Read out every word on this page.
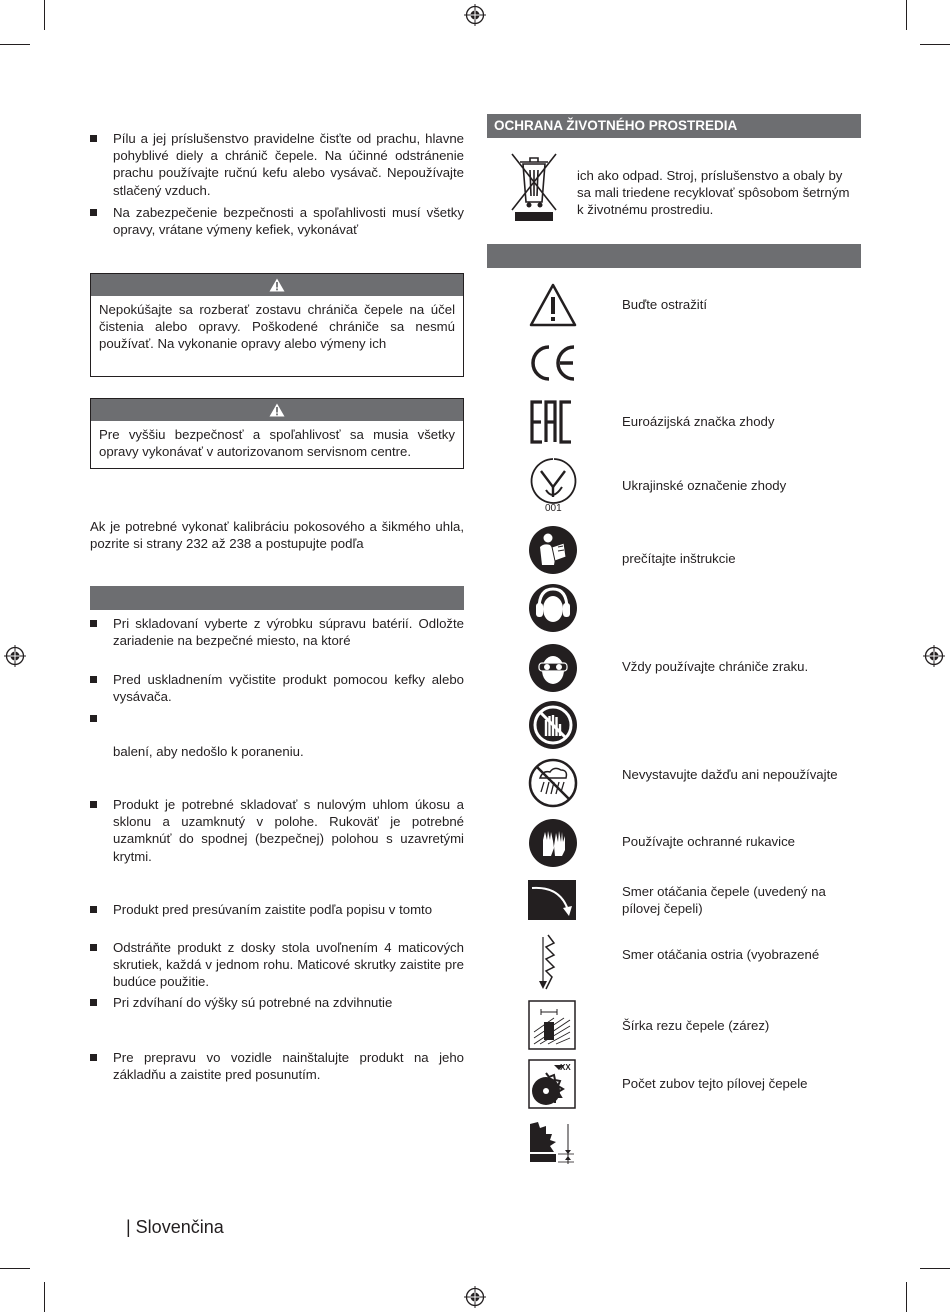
Pílu a jej príslušenstvo pravidelne čisťte od prachu, hlavne pohyblivé diely a chránič čepele. Na účinné odstránenie prachu používajte ručnú kefu alebo vysávač. Nepoužívajte stlačený vzduch.
Na zabezpečenie bezpečnosti a spoľahlivosti musí všetky opravy, vrátane výmeny kefiek, vykonávať
Nepokúšajte sa rozberať zostavu chrániča čepele na účel čistenia alebo opravy. Poškodené chrániče sa nesmú používať. Na vykonanie opravy alebo výmeny ich
Pre vyššiu bezpečnosť a spoľahlivosť sa musia všetky opravy vykonávať v autorizovanom servisnom centre.
Ak je potrebné vykonať kalibráciu pokosového a šikmého uhla, pozrite si strany 232 až 238 a postupujte podľa
Pri skladovaní vyberte z výrobku súpravu batérií. Odložte zariadenie na bezpečné miesto, na ktoré
Pred uskladnením vyčistite produkt pomocou kefky alebo vysávača.
balení, aby nedošlo k poraneniu.
Produkt je potrebné skladovať s nulovým uhlom úkosu a sklonu a uzamknutý v polohe. Rukoväť je potrebné uzamknúť do spodnej (bezpečnej) polohou s uzavretými krytmi.
Produkt pred presúvaním zaistite podľa popisu v tomto
Odstráňte produkt z dosky stola uvoľnením 4 maticových skrutiek, každá v jednom rohu. Maticové skrutky zaistite pre budúce použitie.
Pri zdvíhaní do výšky sú potrebné na zdvihnutie
Pre prepravu vo vozidle nainštalujte produkt na jeho základňu a zaistite pred posunutím.
| Slovenčina
OCHRANA ŽIVOTNÉHO PROSTREDIA
ich ako odpad. Stroj, príslušenstvo a obaly by sa mali triedene recyklovať spôsobom šetrným k životnému prostrediu.
Buďte ostražití
Euroázijská značka zhody
001
Ukrajinské označenie zhody
prečítajte inštrukcie
Vždy používajte chrániče zraku.
Nevystavujte dažďu ani nepoužívajte
Používajte ochranné rukavice
Smer otáčania čepele (uvedený na pílovej čepeli)
Smer otáčania ostria (vyobrazené
Šírka rezu čepele (zárez)
XX
Počet zubov tejto pílovej čepele
